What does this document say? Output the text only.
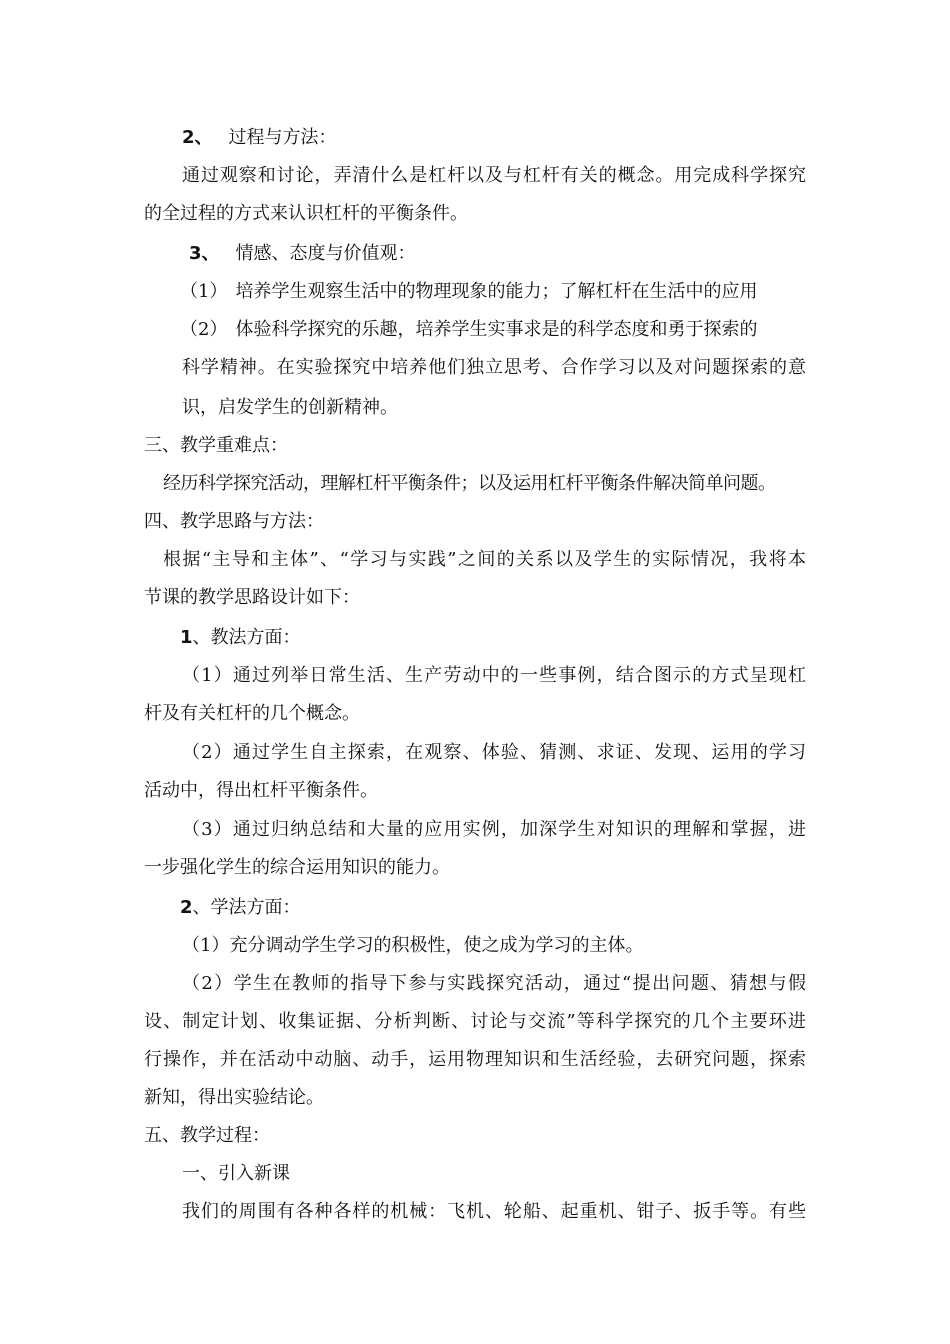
2、 过程与方法：
通过观察和讨论，弄清什么是杠杆以及与杠杆有关的概念。用完成科学探究
的全过程的方式来认识杠杆的平衡条件。
3、 情感、态度与价值观：
（1） 培养学生观察生活中的物理现象的能力；了解杠杆在生活中的应用
（2） 体验科学探究的乐趣，培养学生实事求是的科学态度和勇于探索的
科学精神。在实验探究中培养他们独立思考、合作学习以及对问题探索的意
识，启发学生的创新精神。
三、教学重难点：
经历科学探究活动，理解杠杆平衡条件；以及运用杠杆平衡条件解决简单问题。
四、教学思路与方法：
根据“主导和主体”、“学习与实践”之间的关系以及学生的实际情况，我将本
节课的教学思路设计如下：
1、教法方面：
（1）通过列举日常生活、生产劳动中的一些事例，结合图示的方式呈现杠
杆及有关杠杆的几个概念。
（2）通过学生自主探索，在观察、体验、猜测、求证、发现、运用的学习
活动中，得出杠杆平衡条件。
（3）通过归纳总结和大量的应用实例，加深学生对知识的理解和掌握，进
一步强化学生的综合运用知识的能力。
2、学法方面：
（1）充分调动学生学习的积极性，使之成为学习的主体。
（2）学生在教师的指导下参与实践探究活动，通过“提出问题、猜想与假
设、制定计划、收集证据、分析判断、讨论与交流”等科学探究的几个主要环进
行操作，并在活动中动脑、动手，运用物理知识和生活经验，去研究问题，探索
新知，得出实验结论。
五、教学过程：
一、引入新课
我们的周围有各种各样的机械：飞机、轮船、起重机、钳子、扳手等。有些
